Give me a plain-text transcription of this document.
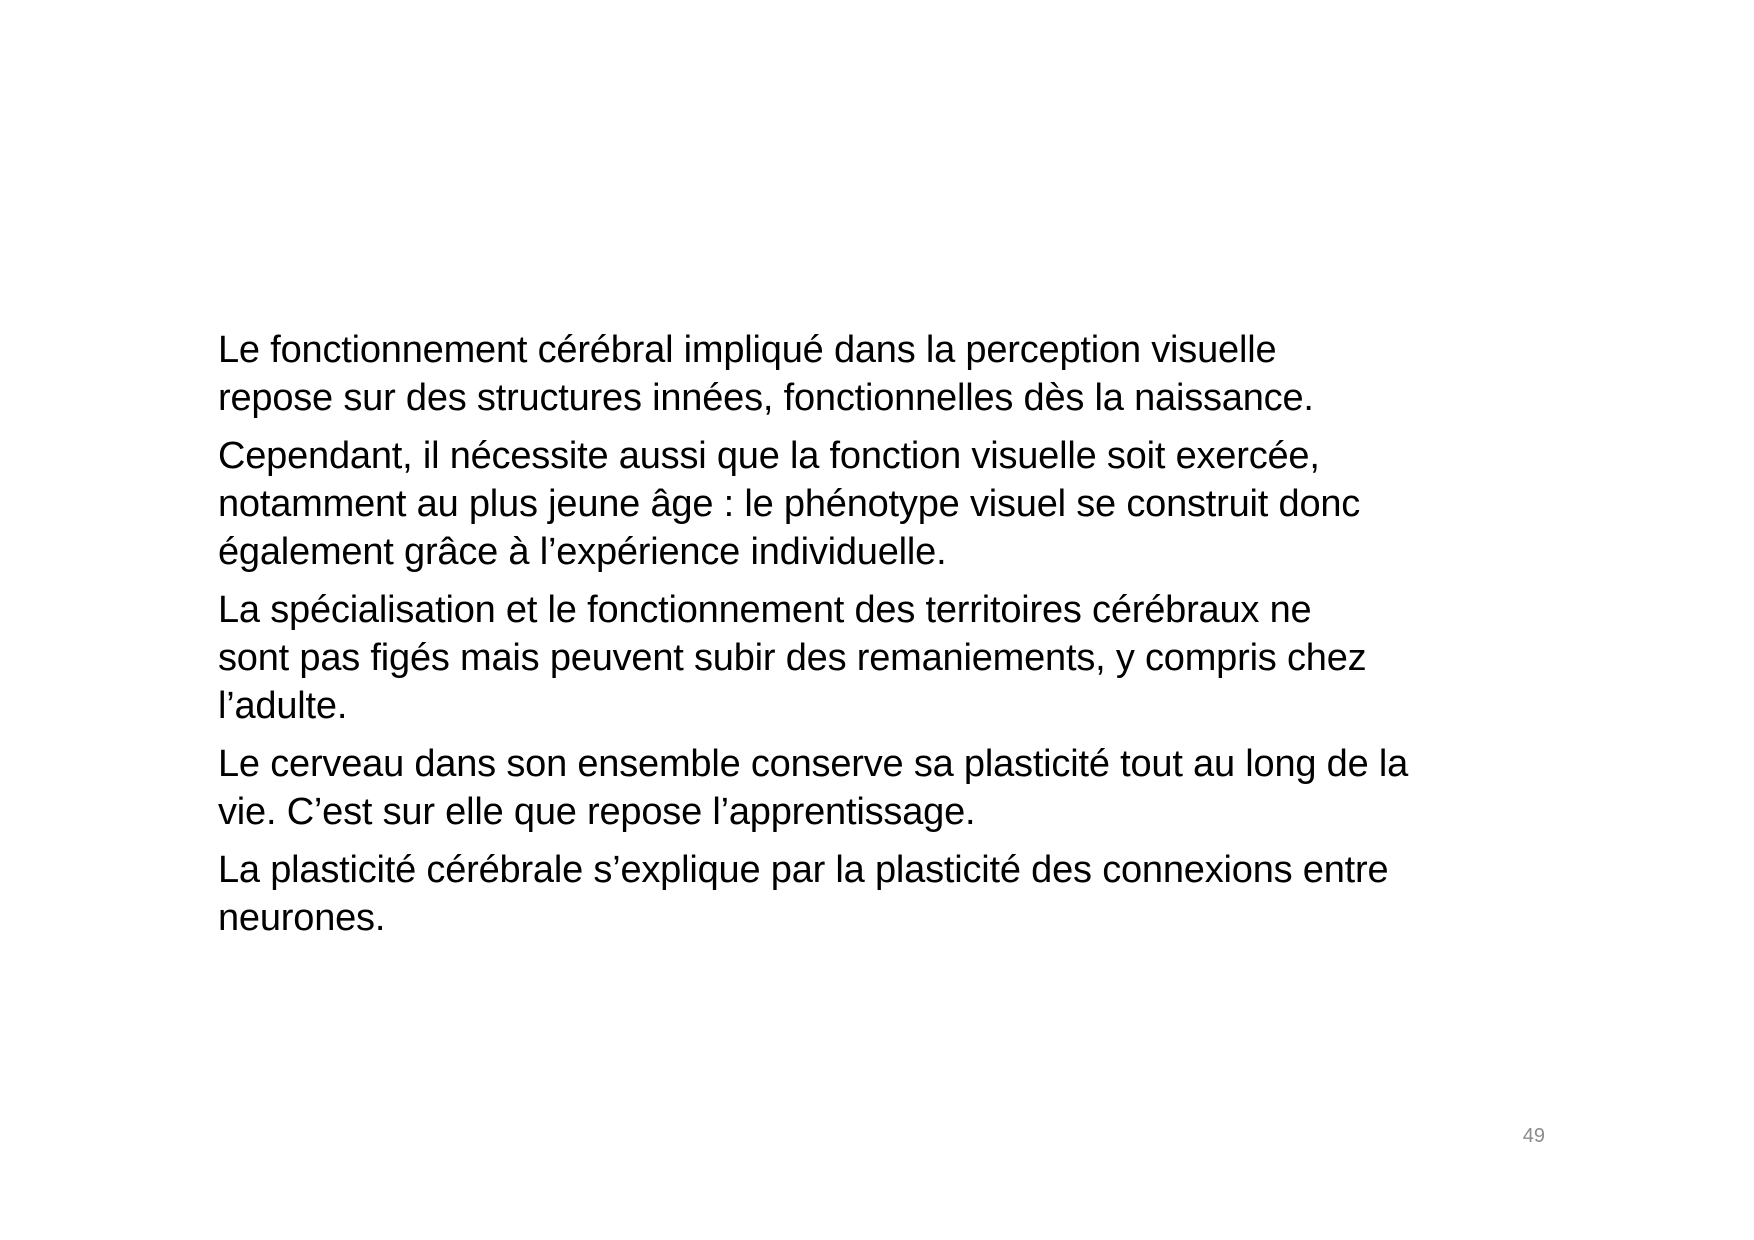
Le fonctionnement cérébral impliqué dans la perception visuelle
repose sur des structures innées, fonctionnelles dès la naissance.

Cependant, il nécessite aussi que la fonction visuelle soit exercée,
notamment au plus jeune âge : le phénotype visuel se construit donc
également grâce à l’expérience individuelle.

La spécialisation et le fonctionnement des territoires cérébraux ne
sont pas figés mais peuvent subir des remaniements, y compris chez
l’adulte.

Le cerveau dans son ensemble conserve sa plasticité tout au long de la
vie. C’est sur elle que repose l’apprentissage.

La plasticité cérébrale s’explique par la plasticité des connexions entre
neurones.

49
